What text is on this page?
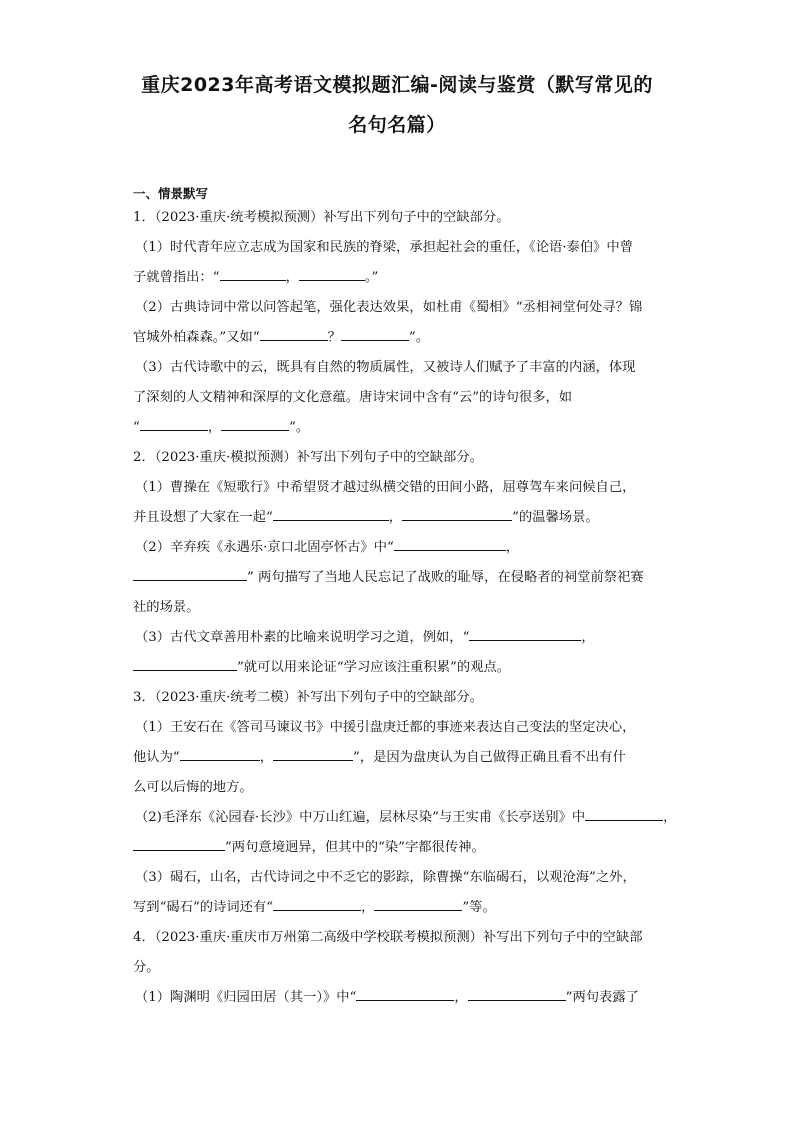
重庆2023年高考语文模拟题汇编-阅读与鉴赏（默写常见的
名句名篇）
一、情景默写
1．（2023·重庆·统考模拟预测）补写出下列句子中的空缺部分。
（1）时代青年应立志成为国家和民族的脊梁，承担起社会的重任，《论语·泰伯》中曾
子就曾指出：“	，	。”
（2）古典诗词中常以问答起笔，强化表达效果，如杜甫《蜀相》“丞相祠堂何处寻？锦
官城外柏森森。”又如“	？	”。
（3）古代诗歌中的云，既具有自然的物质属性，又被诗人们赋予了丰富的内涵，体现
了深刻的人文精神和深厚的文化意蕴。唐诗宋词中含有“云”的诗句很多，如
“	，	”。
2．（2023·重庆·模拟预测）补写出下列句子中的空缺部分。
（1）曹操在《短歌行》中希望贤才越过纵横交错的田间小路，屈尊驾车来问候自己，
并且设想了大家在一起“	，	”的温馨场景。
（2）辛弃疾《永遇乐·京口北固亭怀古》中“	，
” 两句描写了当地人民忘记了战败的耻辱，在侵略者的祠堂前祭祀赛
社的场景。
（3）古代文章善用朴素的比喻来说明学习之道，例如，“	，
”就可以用来论证“学习应该注重积累”的观点。
3．（2023·重庆·统考二模）补写出下列句子中的空缺部分。
（1）王安石在《答司马谏议书》中援引盘庚迁都的事迹来表达自己变法的坚定决心，
他认为“	，	”，是因为盘庚认为自己做得正确且看不出有什
么可以后悔的地方。
（2)毛泽东《沁园春·长沙》中万山红遍，层林尽染”与王实甫《长亭送别》中	，
”两句意境迥异，但其中的“染”字都很传神。
（3）碣石，山名，古代诗词之中不乏它的影踪，除曹操“东临碣石，以观沧海”之外，
写到“碣石”的诗词还有“	，	”等。
4．（2023·重庆·重庆市万州第二高级中学校联考模拟预测）补写出下列句子中的空缺部
分。
（1）陶渊明《归园田居（其一）》中“	，	”两句表露了
